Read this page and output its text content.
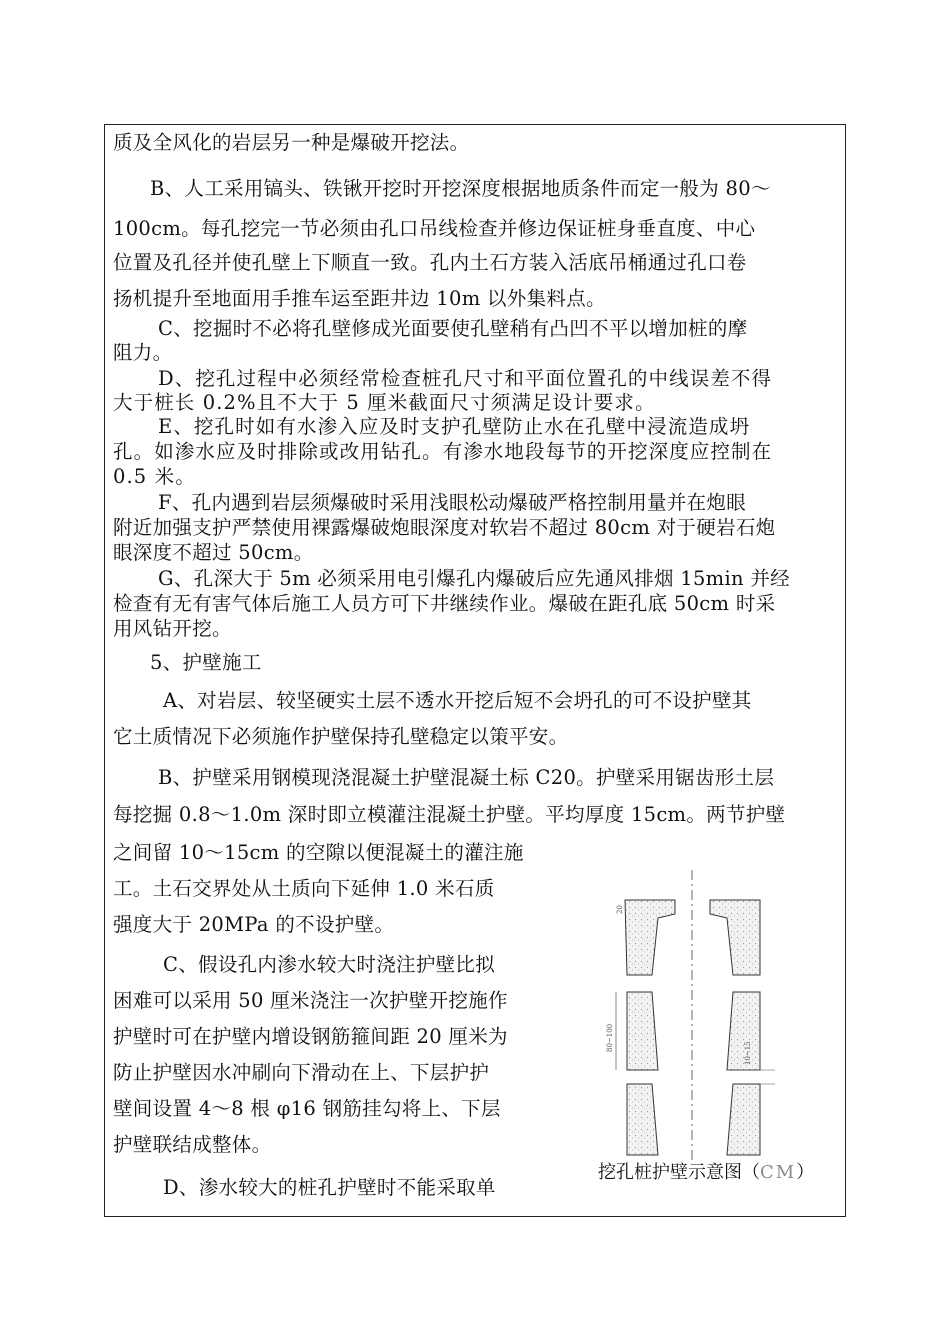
质及全风化的岩层另一种是爆破开挖法。

B、人工采用镐头、铁锹开挖时开挖深度根据地质条件而定一般为 80～

100cm。每孔挖完一节必须由孔口吊线检查并修边保证桩身垂直度、中心

位置及孔径并使孔壁上下顺直一致。孔内土石方装入活底吊桶通过孔口卷

扬机提升至地面用手推车运至距井边 10m 以外集料点。

C、挖掘时不必将孔壁修成光面要使孔壁稍有凸凹不平以增加桩的摩

阻力。

D、挖孔过程中必须经常检查桩孔尺寸和平面位置孔的中线误差不得

大于桩长 0.2%且不大于 5 厘米截面尺寸须满足设计要求。

E、挖孔时如有水渗入应及时支护孔壁防止水在孔壁中浸流造成坍

孔。如渗水应及时排除或改用钻孔。有渗水地段每节的开挖深度应控制在

0.5 米。

F、孔内遇到岩层须爆破时采用浅眼松动爆破严格控制用量并在炮眼

附近加强支护严禁使用裸露爆破炮眼深度对软岩不超过 80cm 对于硬岩石炮

眼深度不超过 50cm。

G、孔深大于 5m 必须采用电引爆孔内爆破后应先通风排烟 15min 并经

检查有无有害气体后施工人员方可下井继续作业。爆破在距孔底 50cm 时采

用风钻开挖。

5、护壁施工

A、对岩层、较坚硬实土层不透水开挖后短不会坍孔的可不设护壁其

它土质情况下必须施作护壁保持孔壁稳定以策平安。

B、护壁采用钢模现浇混凝土护壁混凝土标 C20。护壁采用锯齿形土层

每挖掘 0.8～1.0m 深时即立模灌注混凝土护壁。平均厚度 15cm。两节护壁

之间留 10～15cm 的空隙以便混凝土的灌注施

工。土石交界处从土质向下延伸 1.0 米石质

强度大于 20MPa 的不设护壁。

C、假设孔内渗水较大时浇注护壁比拟

困难可以采用 50 厘米浇注一次护壁开挖施作

护壁时可在护壁内增设钢筋箍间距 20 厘米为

防止护壁因水冲刷向下滑动在上、下层护护

壁间设置 4～8 根 φ16 钢筋挂勾将上、下层

护壁联结成整体。

D、渗水较大的桩孔护壁时不能采取单

20
80~100
10~15
挖孔桩护壁示意图（CM）
